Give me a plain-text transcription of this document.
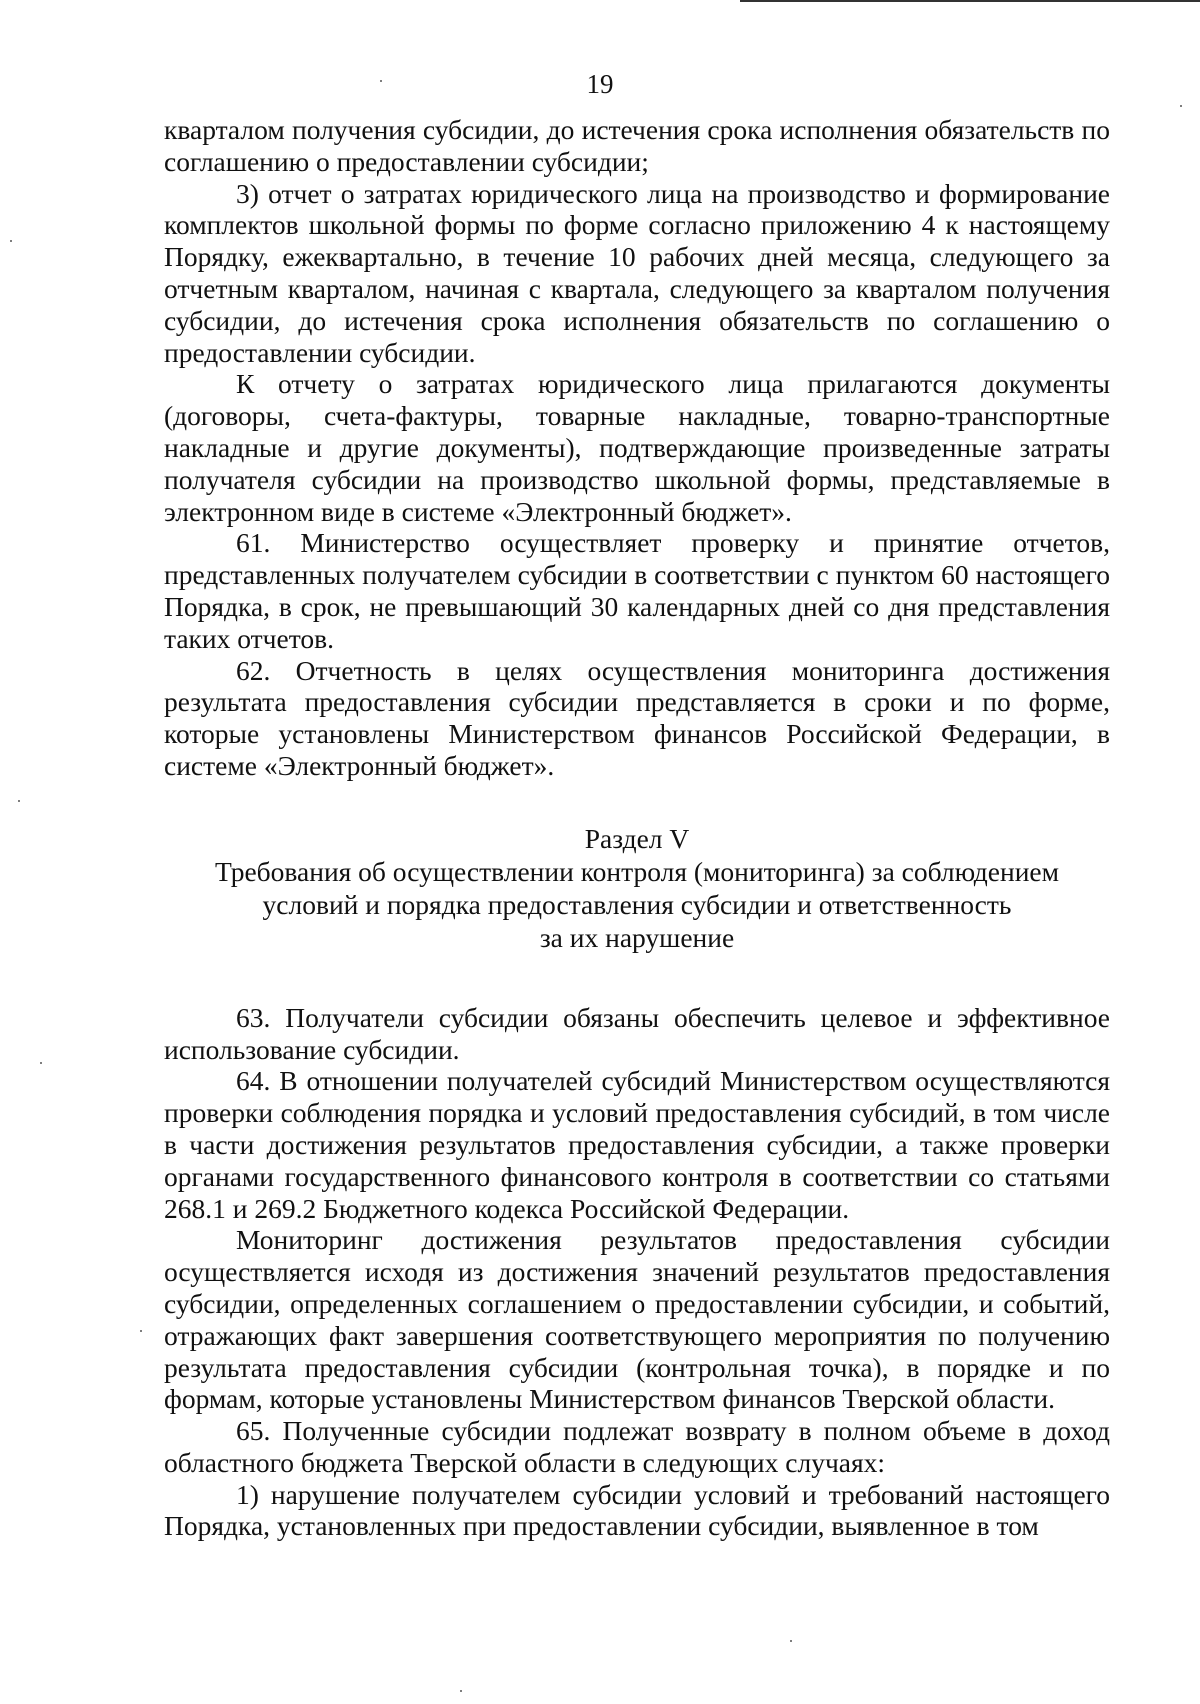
19

кварталом получения субсидии, до истечения срока исполнения обязательств по соглашению о предоставлении субсидии;

3) отчет о затратах юридического лица на производство и формирование комплектов школьной формы по форме согласно приложению 4 к настоящему Порядку, ежеквартально, в течение 10 рабочих дней месяца, следующего за отчетным кварталом, начиная с квартала, следующего за кварталом получения субсидии, до истечения срока исполнения обязательств по соглашению о предоставлении субсидии.

К отчету о затратах юридического лица прилагаются документы (договоры, счета-фактуры, товарные накладные, товарно-транспортные накладные и другие документы), подтверждающие произведенные затраты получателя субсидии на производство школьной формы, представляемые в электронном виде в системе «Электронный бюджет».

61. Министерство осуществляет проверку и принятие отчетов, представленных получателем субсидии в соответствии с пунктом 60 настоящего Порядка, в срок, не превышающий 30 календарных дней со дня представления таких отчетов.

62. Отчетность в целях осуществления мониторинга достижения результата предоставления субсидии представляется в сроки и по форме, которые установлены Министерством финансов Российской Федерации, в системе «Электронный бюджет».

Раздел V
Требования об осуществлении контроля (мониторинга) за соблюдением
условий и порядка предоставления субсидии и ответственность
за их нарушение

63. Получатели субсидии обязаны обеспечить целевое и эффективное использование субсидии.

64. В отношении получателей субсидий Министерством осуществляются проверки соблюдения порядка и условий предоставления субсидий, в том числе в части достижения результатов предоставления субсидии, а также проверки органами государственного финансового контроля в соответствии со статьями 268.1 и 269.2 Бюджетного кодекса Российской Федерации.

Мониторинг достижения результатов предоставления субсидии осуществляется исходя из достижения значений результатов предоставления субсидии, определенных соглашением о предоставлении субсидии, и событий, отражающих факт завершения соответствующего мероприятия по получению результата предоставления субсидии (контрольная точка), в порядке и по формам, которые установлены Министерством финансов Тверской области.

65. Полученные субсидии подлежат возврату в полном объеме в доход областного бюджета Тверской области в следующих случаях:

1) нарушение получателем субсидии условий и требований настоящего Порядка, установленных при предоставлении субсидии, выявленное в том
